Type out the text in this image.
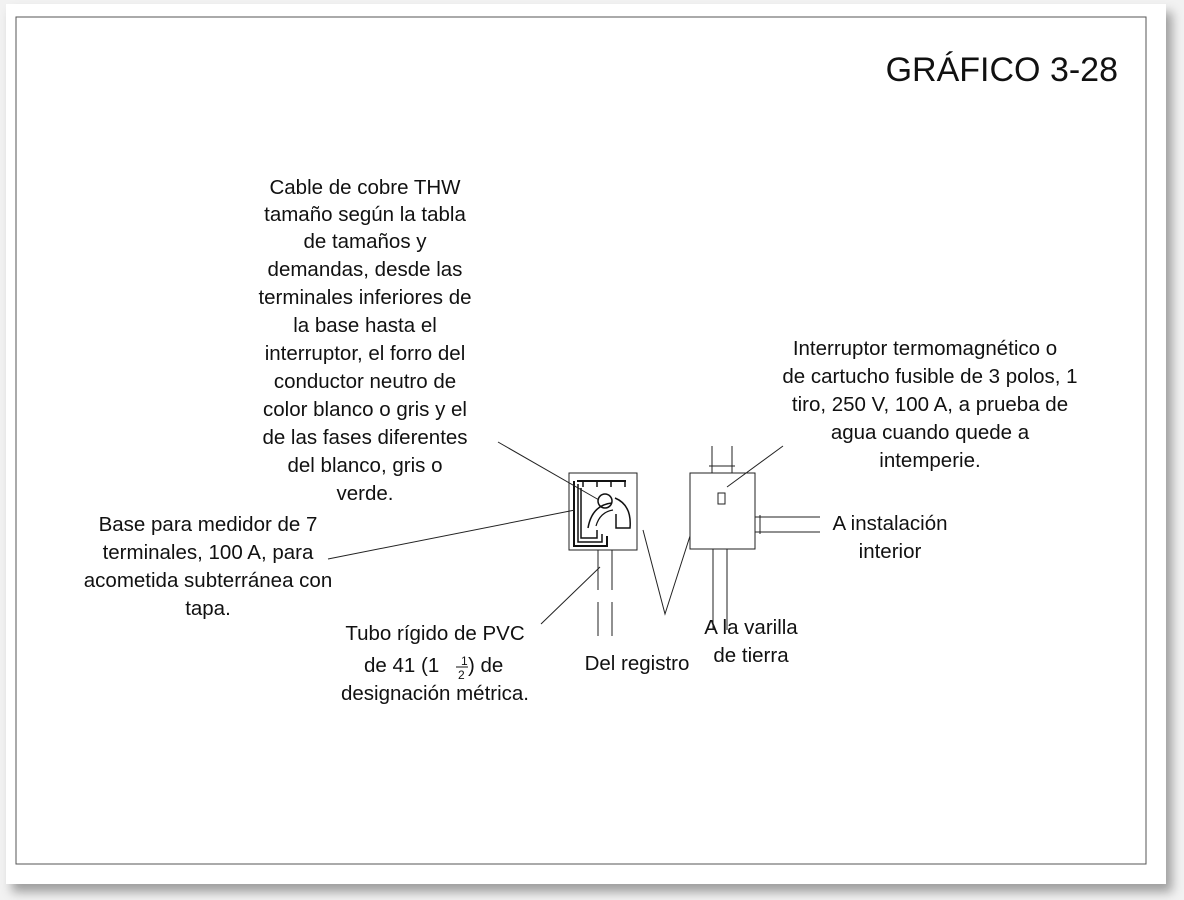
GRÁFICO 3-28
Cable de cobre THW
tamaño según la tabla
de tamaños y
demandas, desde las
terminales inferiores de
la base hasta el
interruptor, el forro del
conductor neutro de
color blanco o gris y el
de las fases diferentes
del blanco, gris o
verde.
Interruptor termomagnético o
de cartucho fusible de 3 polos, 1
tiro, 250 V, 100 A, a prueba de
agua cuando quede a
intemperie.
Base para medidor de 7
terminales, 100 A, para
acometida subterránea con
tapa.
A instalación
interior
Tubo rígido de PVC
de 41 (1 1
2 ) de
designación métrica.
Del registro
A la varilla
de tierra
